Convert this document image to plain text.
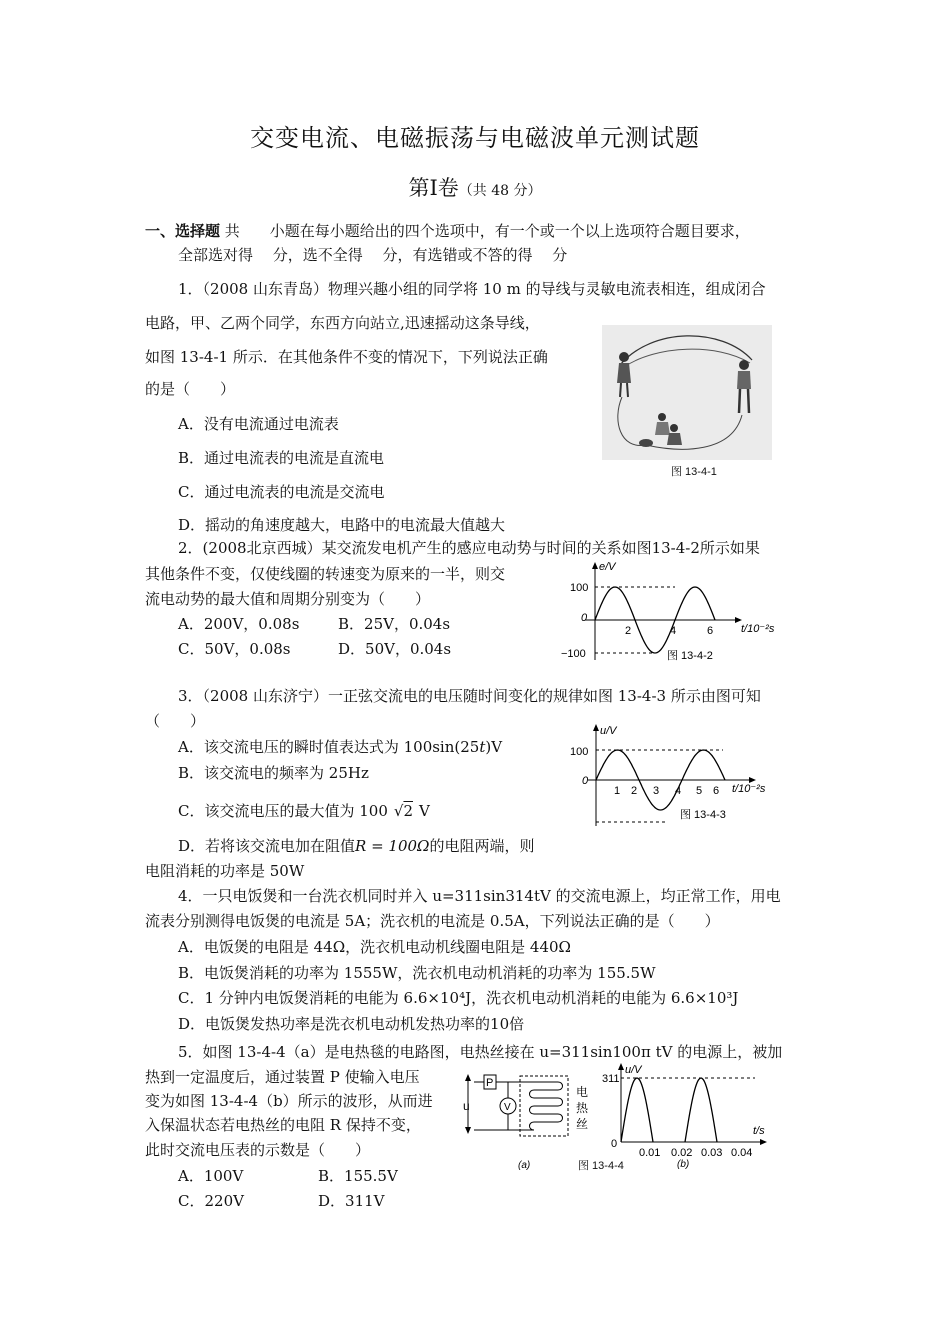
交变电流、电磁振荡与电磁波单元测试题
第Ⅰ卷（共 48 分）
一、选择题 共　　小题在每小题给出的四个选项中，有一个或一个以上选项符合题目要求，
全部选对得　 分，选不全得　 分，有选错或不答的得　 分
1．（2008 山东青岛）物理兴趣小组的同学将 10 m 的导线与灵敏电流表相连，组成闭合
电路，甲、乙两个同学，东西方向站立,迅速摇动这条导线，
如图 13-4-1 所示．在其他条件不变的情况下，下列说法正确
的是（　　）
A．没有电流通过电流表
B．通过电流表的电流是直流电
C．通过电流表的电流是交流电
D．摇动的角速度越大，电路中的电流最大值越大
图 13-4-1
2．(2008北京西城）某交流发电机产生的感应电动势与时间的关系如图13-4-2所示如果
其他条件不变，仅使线圈的转速变为原来的一半，则交
流电动势的最大值和周期分别变为（　　）
A．200V，0.08s	B．25V，0.04s
C．50V，0.08s	D．50V，0.04s
e/V
t/10⁻²s
100
0
−100
2	4	6
图 13-4-2
3．（2008 山东济宁）一正弦交流电的电压随时间变化的规律如图 13-4-3 所示由图可知
（　　）
A．该交流电压的瞬时值表达式为 100sin(25t)V
B．该交流电的频率为 25Hz
C．该交流电压的最大值为 100 √2 V
D．若将该交流电加在阻值R = 100Ω的电阻两端，则
电阻消耗的功率是 50W
u/V
t/10⁻²s
100
0
1 2 3 4 5 6
图 13-4-3
4．一只电饭煲和一台洗衣机同时并入 u=311sin314tV 的交流电源上，均正常工作，用电
流表分别测得电饭煲的电流是 5A；洗衣机的电流是 0.5A，下列说法正确的是（　　）
A．电饭煲的电阻是 44Ω，洗衣机电动机线圈电阻是 440Ω
B．电饭煲消耗的功率为 1555W，洗衣机电动机消耗的功率为 155.5W
C．1 分钟内电饭煲消耗的电能为 6.6×10⁴J，洗衣机电动机消耗的电能为 6.6×10³J
D．电饭煲发热功率是洗衣机电动机发热功率的10倍
5．如图 13-4-4（a）是电热毯的电路图，电热丝接在 u=311sin100π tV 的电源上，被加
热到一定温度后，通过装置 P 使输入电压
变为如图 13-4-4（b）所示的波形，从而进
入保温状态若电热丝的电阻 R 保持不变，
此时交流电压表的示数是（　　）
A．100V	B．155.5V
C．220V	D．311V
u
P
V
电
热
丝
(a)	图 13-4-4
u/V
t/s
311
0
0.01 0.02 0.03 0.04
(b)
